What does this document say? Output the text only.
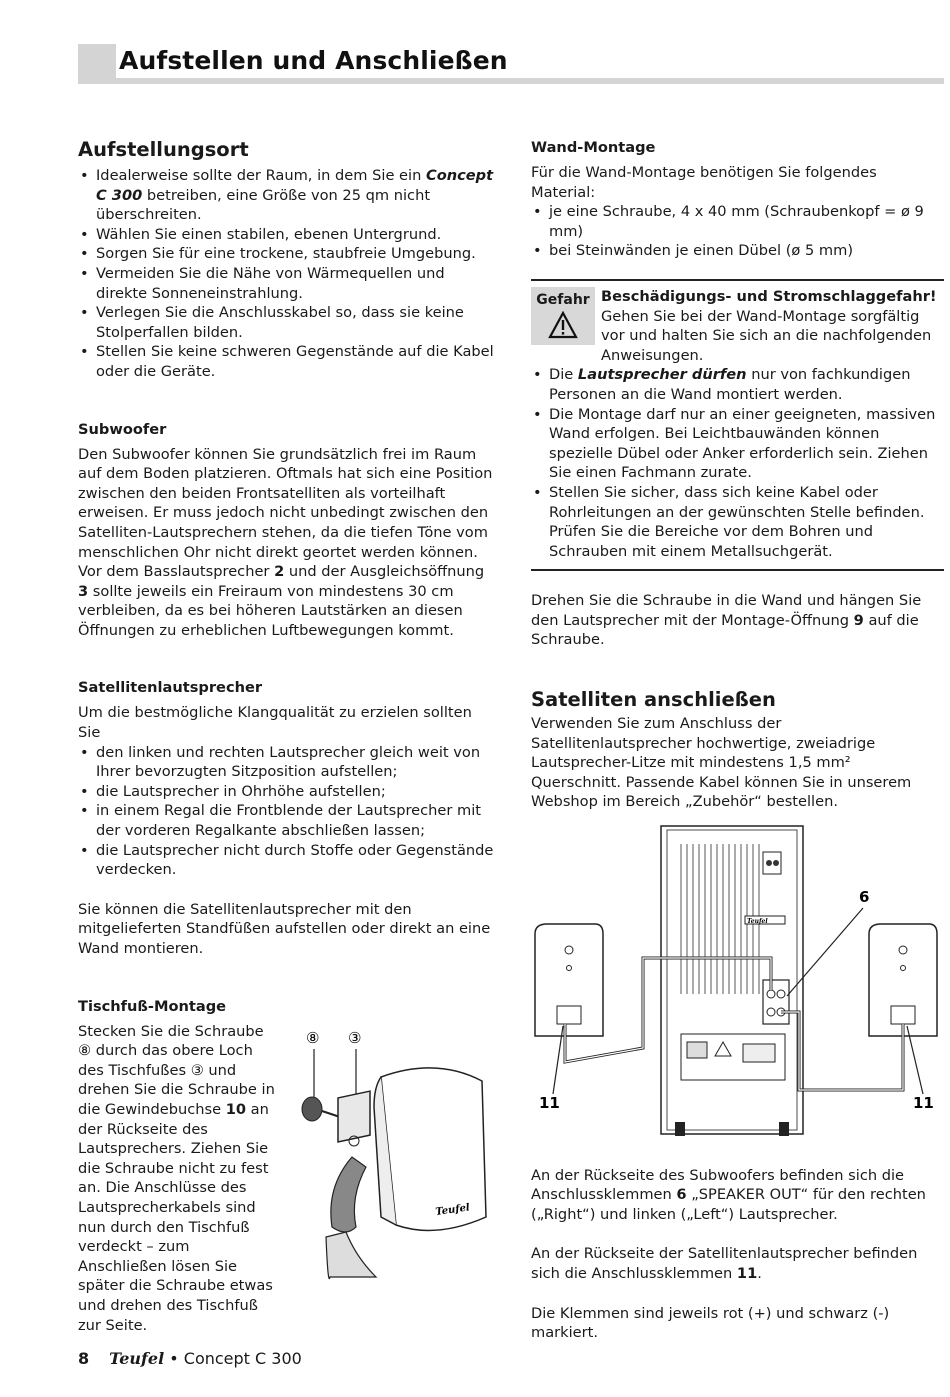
Aufstellen und Anschließen
Aufstellungsort
• Idealerweise sollte der Raum, in dem Sie ein Concept C 300 betreiben, eine Größe von 25 qm nicht überschreiten.
• Wählen Sie einen stabilen, ebenen Untergrund.
• Sorgen Sie für eine trockene, staubfreie Umgebung.
• Vermeiden Sie die Nähe von Wärmequellen und direkte Sonneneinstrahlung.
• Verlegen Sie die Anschlusskabel so, dass sie keine Stolperfallen bilden.
• Stellen Sie keine schweren Gegenstände auf die Kabel oder die Geräte.
Subwoofer

Den Subwoofer können Sie grundsätzlich frei im Raum auf dem Boden platzieren. Oftmals hat sich eine Position zwischen den beiden Frontsatelliten als vorteilhaft erweisen. Er muss jedoch nicht unbedingt zwischen den Satelliten-Lautsprechern stehen, da die tiefen Töne vom menschlichen Ohr nicht direkt geortet werden können. Vor dem Basslautsprecher 2 und der Ausgleichsöffnung 3 sollte jeweils ein Freiraum von mindestens 30 cm verbleiben, da es bei höheren Lautstärken an diesen Öffnungen zu erheblichen Luftbewegungen kommt.

Satellitenlautsprecher

Um die bestmögliche Klangqualität zu erzielen sollten Sie

• den linken und rechten Lautsprecher gleich weit von Ihrer bevorzugten Sitzposition aufstellen;
• die Lautsprecher in Ohrhöhe aufstellen;
• in einem Regal die Frontblende der Lautsprecher mit der vorderen Regalkante abschließen lassen;
• die Lautsprecher nicht durch Stoffe oder Gegenstände verdecken.

Sie können die Satellitenlautsprecher mit den mitgelieferten Standfüßen aufstellen oder direkt an eine Wand montieren.

Tischfuß-Montage

Stecken Sie die Schraube ⑧ durch das obere Loch des Tischfußes ③ und drehen Sie die Schraube in die Gewindebuchse 10 an der Rückseite des Lautsprechers. Ziehen Sie die Schraube nicht zu fest an. Die Anschlüsse des Lautsprecherkabels sind nun durch den Tischfuß verdeckt – zum Anschließen lösen Sie später die Schraube etwas und drehen des Tischfuß zur Seite.

⑧ ③
Teufel
Wand-Montage

Für die Wand-Montage benötigen Sie folgendes Material:

• je eine Schraube, 4 x 40 mm (Schraubenkopf = ø 9 mm)
• bei Steinwänden je einen Dübel (ø 5 mm)
Gefahr Beschädigungs- und Stromschlaggefahr! Gehen Sie bei der Wand-Montage sorgfältig vor und halten Sie sich an die nachfolgenden Anweisungen.

• Die Lautsprecher dürfen nur von fachkundigen Personen an die Wand montiert werden.
• Die Montage darf nur an einer geeigneten, massiven Wand erfolgen. Bei Leichtbauwänden können spezielle Dübel oder Anker erforderlich sein. Ziehen Sie einen Fachmann zurate.
• Stellen Sie sicher, dass sich keine Kabel oder Rohrleitungen an der gewünschten Stelle befinden. Prüfen Sie die Bereiche vor dem Bohren und Schrauben mit einem Metallsuchgerät.

Drehen Sie die Schraube in die Wand und hängen Sie den Lautsprecher mit der Montage-Öffnung 9 auf die Schraube.

Satelliten anschließen

Verwenden Sie zum Anschluss der Satellitenlautsprecher hochwertige, zweiadrige Lautsprecher-Litze mit mindestens 1,5 mm² Querschnitt. Passende Kabel können Sie in unserem Webshop im Bereich „Zubehör“ bestellen.

Teufel
6
11	11

An der Rückseite des Subwoofers befinden sich die Anschlussklemmen 6 „SPEAKER OUT“ für den rechten („Right“) und linken („Left“) Lautsprecher.

An der Rückseite der Satellitenlautsprecher befinden sich die Anschlussklemmen 11.

Die Klemmen sind jeweils rot (+) und schwarz (-) markiert.

8 Teufel • Concept C 300
